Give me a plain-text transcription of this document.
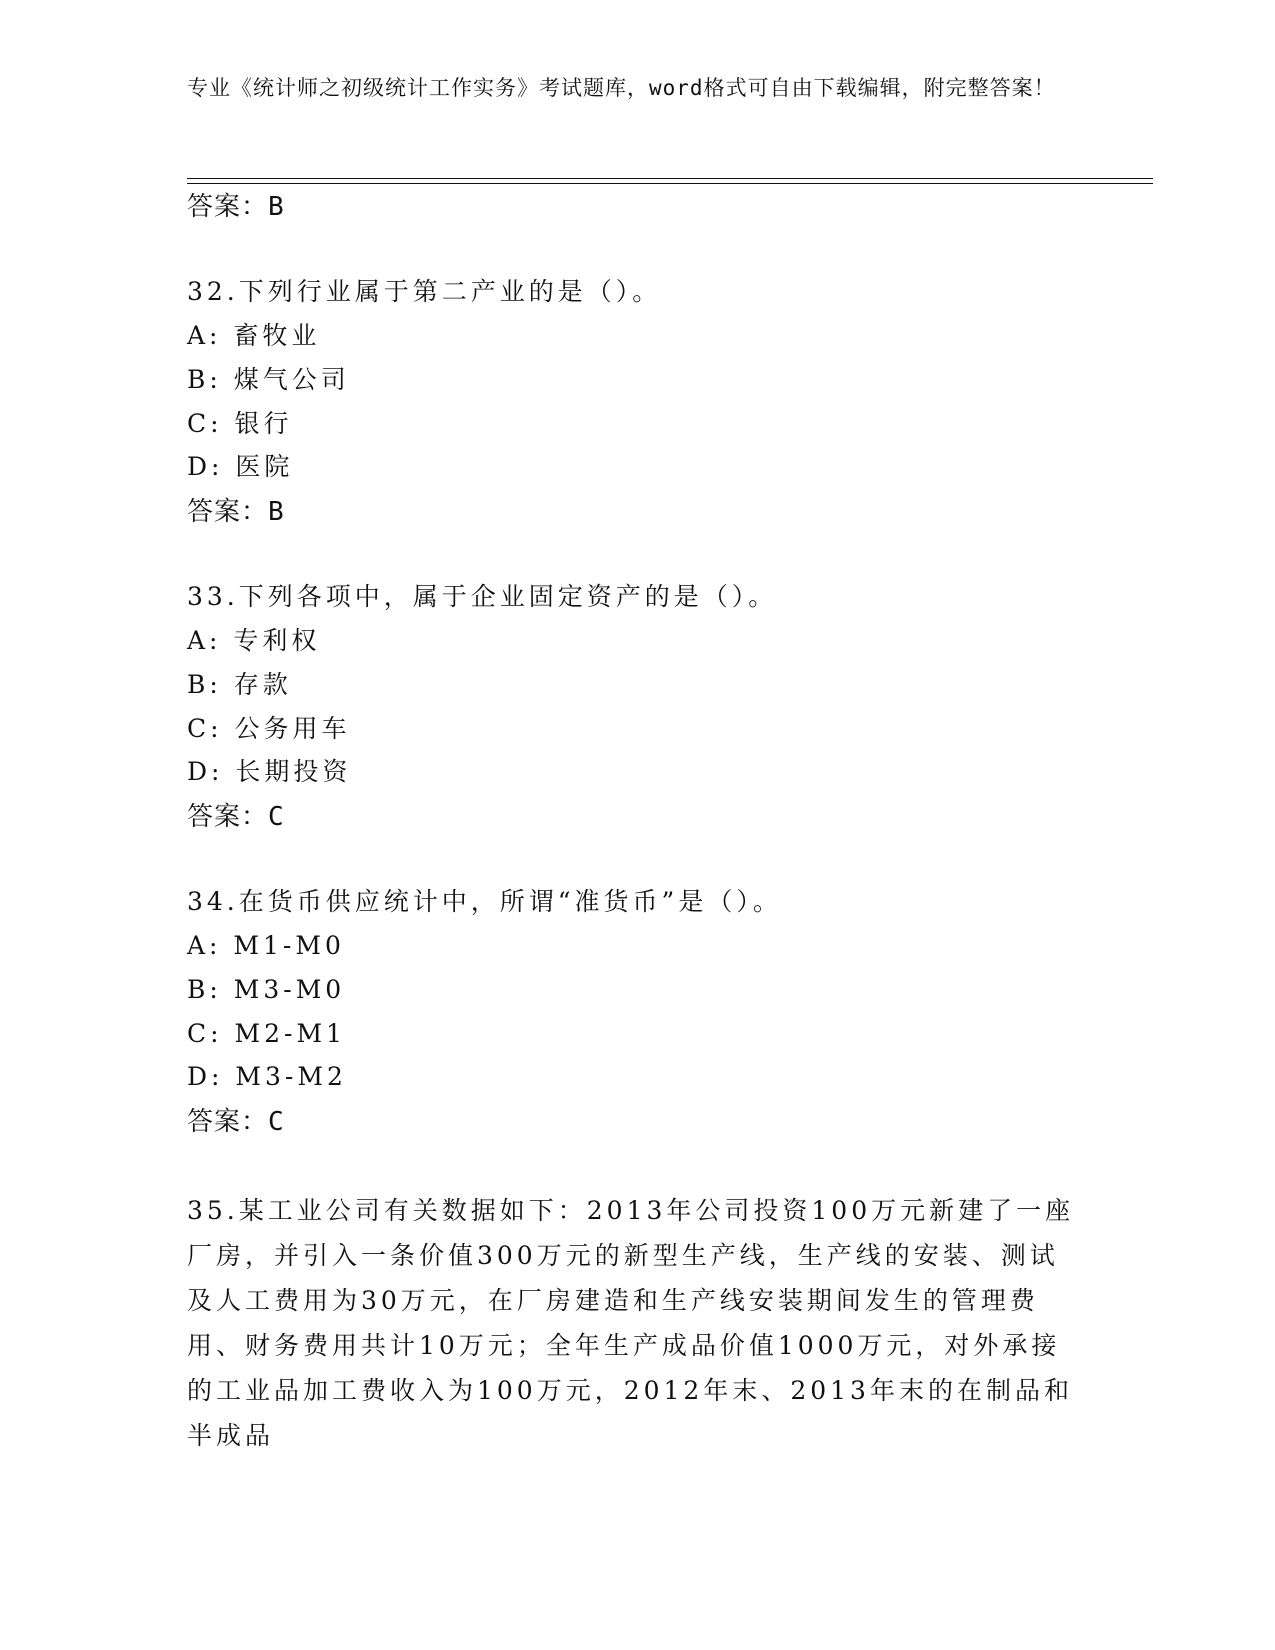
专业《统计师之初级统计工作实务》考试题库，word格式可自由下载编辑，附完整答案！
答案：B
32.下列行业属于第二产业的是（）。
A: 畜牧业
B: 煤气公司
C: 银行
D: 医院
答案：B
33.下列各项中，属于企业固定资产的是（）。
A: 专利权
B: 存款
C: 公务用车
D: 长期投资
答案：C
34.在货币供应统计中，所谓“准货币”是（）。
A: M1-M0
B: M3-M0
C: M2-M1
D: M3-M2
答案：C
35.某工业公司有关数据如下：2013年公司投资100万元新建了一座厂房，并引入一条价值300万元的新型生产线，生产线的安装、测试及人工费用为30万元，在厂房建造和生产线安装期间发生的管理费用、财务费用共计10万元；全年生产成品价值1000万元，对外承接的工业品加工费收入为100万元，2012年末、2013年末的在制品和半成品
